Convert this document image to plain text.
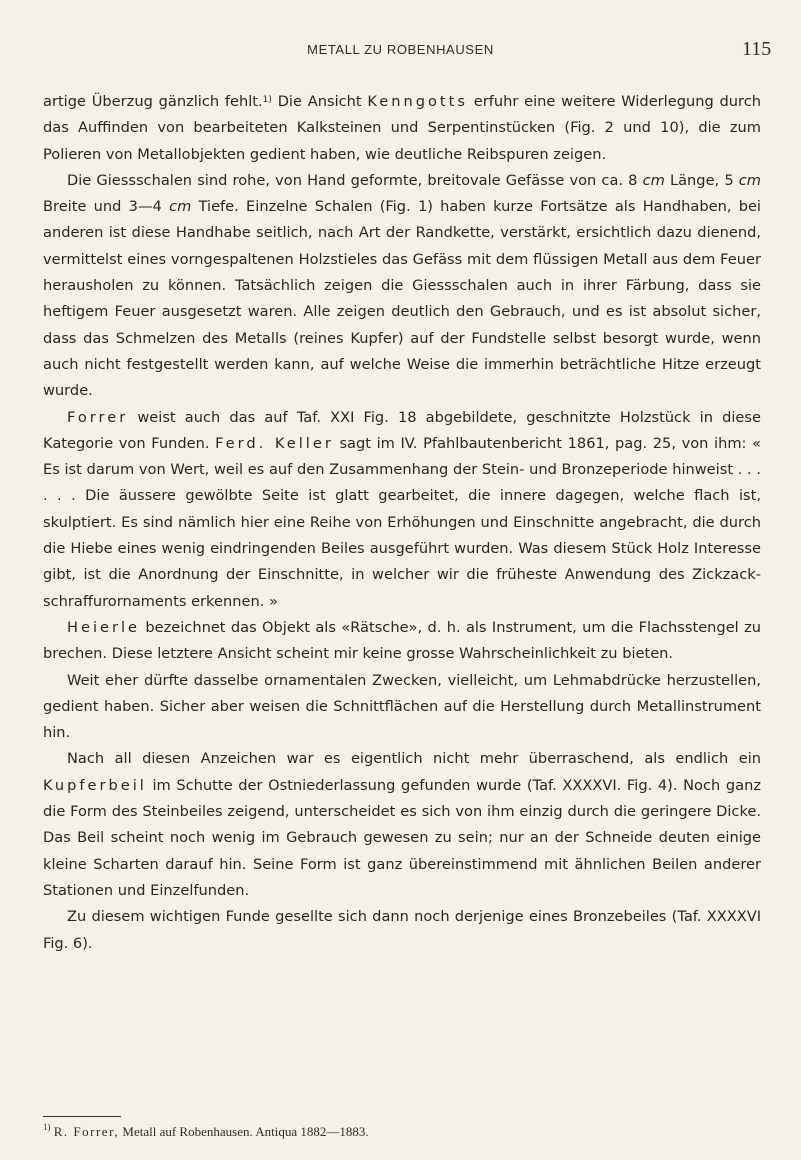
METALL ZU ROBENHAUSEN	115

artige Überzug gänzlich fehlt.$^{1)}$ Die Ansicht Kenngotts erfuhr eine weitere Widerlegung durch das Auffinden von bearbeiteten Kalksteinen und Serpentinstücken (Fig. 2 und 10), die zum Polieren von Metallobjekten gedient haben, wie deutliche Reibspuren zeigen.

Die Giessschalen sind rohe, von Hand geformte, breitovale Gefässe von ca. 8 cm Länge, 5 cm Breite und 3—4 cm Tiefe. Einzelne Schalen (Fig. 1) haben kurze Fortsätze als Handhaben, bei anderen ist diese Handhabe seitlich, nach Art der Randkette, verstärkt, ersichtlich dazu dienend, vermittelst eines vorngespaltenen Holzstieles das Gefäss mit dem flüssigen Metall aus dem Feuer herausholen zu können. Tatsächlich zeigen die Giessschalen auch in ihrer Färbung, dass sie heftigem Feuer ausgesetzt waren. Alle zeigen deutlich den Gebrauch, und es ist absolut sicher, dass das Schmelzen des Metalls (reines Kupfer) auf der Fundstelle selbst besorgt wurde, wenn auch nicht festgestellt werden kann, auf welche Weise die immerhin beträchtliche Hitze erzeugt wurde.

Forrer weist auch das auf Taf. XXI Fig. 18 abgebildete, geschnitzte Holzstück in diese Kategorie von Funden. Ferd. Keller sagt im IV. Pfahlbautenbericht 1861, pag. 25, von ihm: « Es ist darum von Wert, weil es auf den Zusammenhang der Stein- und Bronzeperiode hinweist . . . . . . Die äussere gewölbte Seite ist glatt gearbeitet, die innere dagegen, welche flach ist, skulptiert. Es sind nämlich hier eine Reihe von Erhöhungen und Einschnitte angebracht, die durch die Hiebe eines wenig eindringenden Beiles ausgeführt wurden. Was diesem Stück Holz Interesse gibt, ist die Anordnung der Einschnitte, in welcher wir die früheste Anwendung des Zickzackschraffurornaments erkennen. »

Heierle bezeichnet das Objekt als «Rätsche», d. h. als Instrument, um die Flachsstengel zu brechen. Diese letztere Ansicht scheint mir keine grosse Wahrscheinlichkeit zu bieten.

Weit eher dürfte dasselbe ornamentalen Zwecken, vielleicht, um Lehmabdrücke herzustellen, gedient haben. Sicher aber weisen die Schnittflächen auf die Herstellung durch Metallinstrument hin.

Nach all diesen Anzeichen war es eigentlich nicht mehr überraschend, als endlich ein Kupferbeil im Schutte der Ostniederlassung gefunden wurde (Taf. XXXXVI. Fig. 4). Noch ganz die Form des Steinbeiles zeigend, unterscheidet es sich von ihm einzig durch die geringere Dicke. Das Beil scheint noch wenig im Gebrauch gewesen zu sein; nur an der Schneide deuten einige kleine Scharten darauf hin. Seine Form ist ganz übereinstimmend mit ähnlichen Beilen anderer Stationen und Einzelfunden.

Zu diesem wichtigen Funde gesellte sich dann noch derjenige eines Bronzebeiles (Taf. XXXXVI Fig. 6).

$^{1)}$ R. Forrer, Metall auf Robenhausen. Antiqua 1882—1883.
